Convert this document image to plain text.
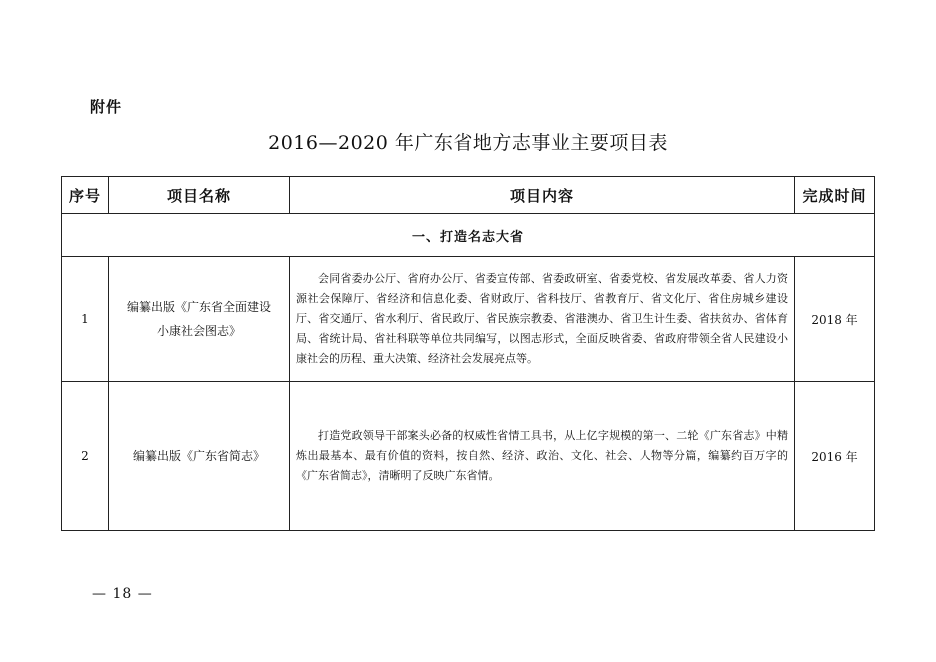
附件
2016—2020 年广东省地方志事业主要项目表
序号	项目名称	项目内容	完成时间
一、打造名志大省			
1	编纂出版《广东省全面建设小康社会图志》	会同省委办公厅、省府办公厅、省委宣传部、省委政研室、省委党校、省发展改革委、省人力资源社会保障厅、省经济和信息化委、省财政厅、省科技厅、省教育厅、省文化厅、省住房城乡建设厅、省交通厅、省水利厅、省民政厅、省民族宗教委、省港澳办、省卫生计生委、省扶贫办、省体育局、省统计局、省社科联等单位共同编写，以图志形式，全面反映省委、省政府带领全省人民建设小康社会的历程、重大决策、经济社会发展亮点等。	2018 年
2	编纂出版《广东省简志》	打造党政领导干部案头必备的权威性省情工具书，从上亿字规模的第一、二轮《广东省志》中精炼出最基本、最有价值的资料，按自然、经济、政治、文化、社会、人物等分篇，编纂约百万字的《广东省简志》，清晰明了反映广东省情。	2016 年
— 18 —
